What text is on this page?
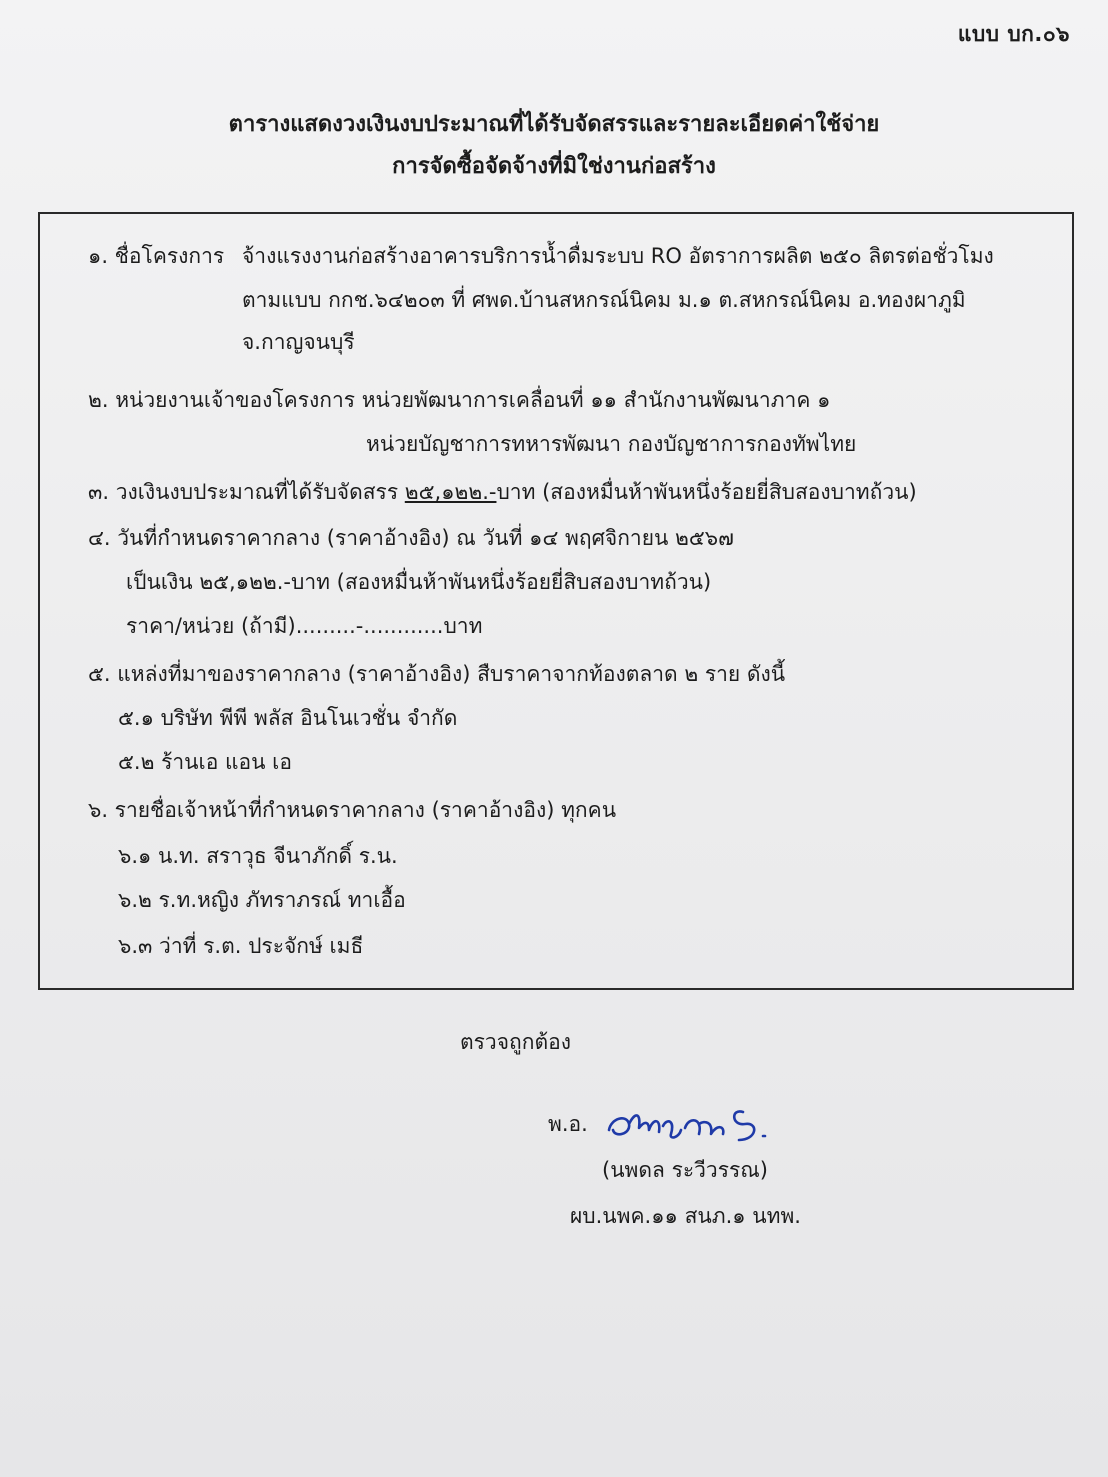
แบบ บก.๐๖
ตารางแสดงวงเงินงบประมาณที่ได้รับจัดสรรและรายละเอียดค่าใช้จ่าย
การจัดซื้อจัดจ้างที่มิใช่งานก่อสร้าง
๑. ชื่อโครงการ จ้างแรงงานก่อสร้างอาคารบริการน้ำดื่มระบบ RO อัตราการผลิต ๒๕๐ ลิตรต่อชั่วโมง
ตามแบบ กกช.๖๔๒๐๓ ที่ ศพด.บ้านสหกรณ์นิคม ม.๑ ต.สหกรณ์นิคม อ.ทองผาภูมิ
จ.กาญจนบุรี
๒. หน่วยงานเจ้าของโครงการ หน่วยพัฒนาการเคลื่อนที่ ๑๑ สำนักงานพัฒนาภาค ๑
หน่วยบัญชาการทหารพัฒนา กองบัญชาการกองทัพไทย
๓. วงเงินงบประมาณที่ได้รับจัดสรร ๒๕,๑๒๒.-บาท (สองหมื่นห้าพันหนึ่งร้อยยี่สิบสองบาทถ้วน)
๔. วันที่กำหนดราคากลาง (ราคาอ้างอิง) ณ วันที่ ๑๔ พฤศจิกายน ๒๕๖๗
เป็นเงิน ๒๕,๑๒๒.-บาท (สองหมื่นห้าพันหนึ่งร้อยยี่สิบสองบาทถ้วน)
ราคา/หน่วย (ถ้ามี).........-............บาท
๕. แหล่งที่มาของราคากลาง (ราคาอ้างอิง) สืบราคาจากท้องตลาด ๒ ราย ดังนี้
๕.๑ บริษัท พีพี พลัส อินโนเวชั่น จำกัด
๕.๒ ร้านเอ แอน เอ
๖. รายชื่อเจ้าหน้าที่กำหนดราคากลาง (ราคาอ้างอิง) ทุกคน
๖.๑ น.ท. สราวุธ จีนาภักดิ์ ร.น.
๖.๒ ร.ท.หญิง ภัทราภรณ์ ทาเอื้อ
๖.๓ ว่าที่ ร.ต. ประจักษ์ เมธี
ตรวจถูกต้อง
พ.อ.
(นพดล ระวีวรรณ)
ผบ.นพค.๑๑ สนภ.๑ นทพ.
